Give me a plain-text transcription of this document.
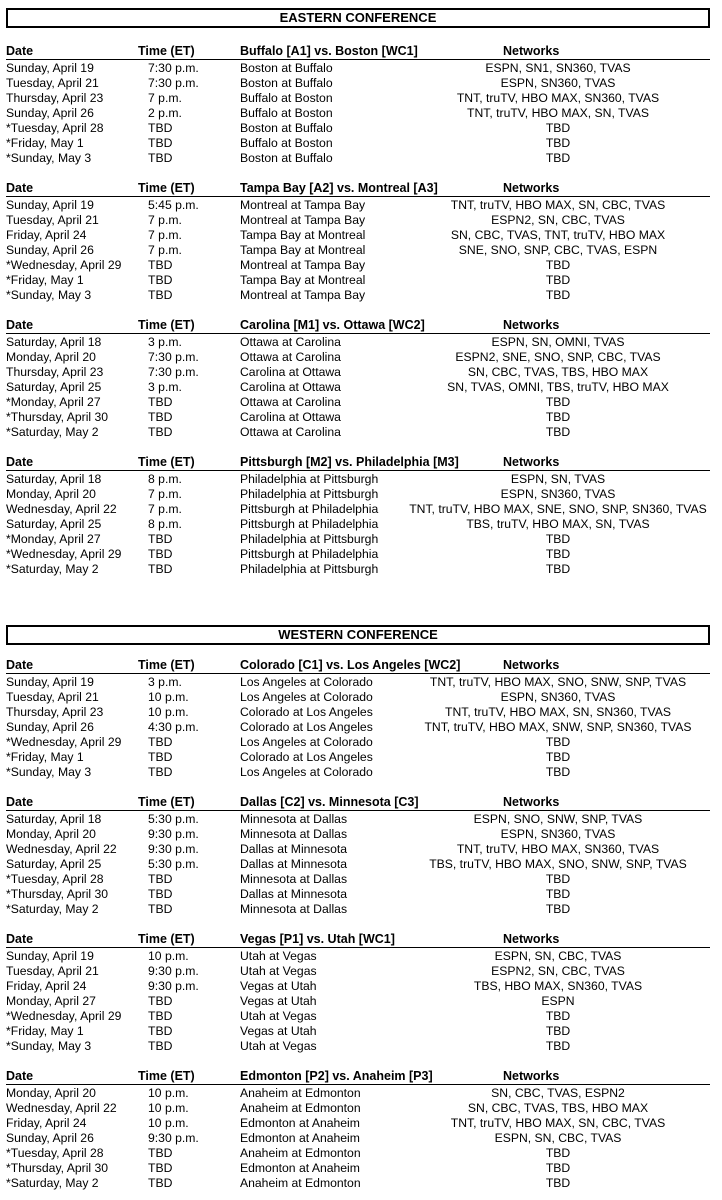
EASTERN CONFERENCE
Date	Time (ET)	Buffalo [A1] vs. Boston [WC1]	Networks
Sunday, April 19	7:30 p.m.	Boston at Buffalo	ESPN, SN1, SN360, TVAS
Tuesday, April 21	7:30 p.m.	Boston at Buffalo	ESPN, SN360, TVAS
Thursday, April 23	7 p.m.	Buffalo at Boston	TNT, truTV, HBO MAX, SN360, TVAS
Sunday, April 26	2 p.m.	Buffalo at Boston	TNT, truTV, HBO MAX, SN, TVAS
*Tuesday, April 28	TBD	Boston at Buffalo	TBD
*Friday, May 1	TBD	Buffalo at Boston	TBD
*Sunday, May 3	TBD	Boston at Buffalo	TBD
Date	Time (ET)	Tampa Bay [A2] vs. Montreal [A3]	Networks
Sunday, April 19	5:45 p.m.	Montreal at Tampa Bay	TNT, truTV, HBO MAX, SN, CBC, TVAS
Tuesday, April 21	7 p.m.	Montreal at Tampa Bay	ESPN2, SN, CBC, TVAS
Friday, April 24	7 p.m.	Tampa Bay at Montreal	SN, CBC, TVAS, TNT, truTV, HBO MAX
Sunday, April 26	7 p.m.	Tampa Bay at Montreal	SNE, SNO, SNP, CBC, TVAS, ESPN
*Wednesday, April 29 TBD	Montreal at Tampa Bay	TBD
*Friday, May 1	TBD	Tampa Bay at Montreal	TBD
*Sunday, May 3	TBD	Montreal at Tampa Bay	TBD
Date	Time (ET)	Carolina [M1] vs. Ottawa [WC2]	Networks
Saturday, April 18	3 p.m.	Ottawa at Carolina	ESPN, SN, OMNI, TVAS
Monday, April 20	7:30 p.m.	Ottawa at Carolina	ESPN2, SNE, SNO, SNP, CBC, TVAS
Thursday, April 23	7:30 p.m.	Carolina at Ottawa	SN, CBC, TVAS, TBS, HBO MAX
Saturday, April 25	3 p.m.	Carolina at Ottawa	SN, TVAS, OMNI, TBS, truTV, HBO MAX
*Monday, April 27	TBD	Ottawa at Carolina	TBD
*Thursday, April 30	TBD	Carolina at Ottawa	TBD
*Saturday, May 2	TBD	Ottawa at Carolina	TBD
Date	Time (ET)	Pittsburgh [M2] vs. Philadelphia [M3]	Networks
Saturday, April 18	8 p.m.	Philadelphia at Pittsburgh	ESPN, SN, TVAS
Monday, April 20	7 p.m.	Philadelphia at Pittsburgh	ESPN, SN360, TVAS
Wednesday, April 22	7 p.m.	Pittsburgh at Philadelphia	TNT, truTV, HBO MAX, SNE, SNO, SNP, SN360, TVAS
Saturday, April 25	8 p.m.	Pittsburgh at Philadelphia	TBS, truTV, HBO MAX, SN, TVAS
*Monday, April 27	TBD	Philadelphia at Pittsburgh	TBD
*Wednesday, April 29 TBD	Pittsburgh at Philadelphia	TBD
*Saturday, May 2	TBD	Philadelphia at Pittsburgh	TBD
WESTERN CONFERENCE
Date	Time (ET)	Colorado [C1] vs. Los Angeles [WC2]	Networks
Sunday, April 19	3 p.m.	Los Angeles at Colorado	TNT, truTV, HBO MAX, SNO, SNW, SNP, TVAS
Tuesday, April 21	10 p.m.	Los Angeles at Colorado	ESPN, SN360, TVAS
Thursday, April 23	10 p.m.	Colorado at Los Angeles	TNT, truTV, HBO MAX, SN, SN360, TVAS
Sunday, April 26	4:30 p.m.	Colorado at Los Angeles	TNT, truTV, HBO MAX, SNW, SNP, SN360, TVAS
*Wednesday, April 29 TBD	Los Angeles at Colorado	TBD
*Friday, May 1	TBD	Colorado at Los Angeles	TBD
*Sunday, May 3	TBD	Los Angeles at Colorado	TBD
Date	Time (ET)	Dallas [C2] vs. Minnesota [C3]	Networks
Saturday, April 18	5:30 p.m.	Minnesota at Dallas	ESPN, SNO, SNW, SNP, TVAS
Monday, April 20	9:30 p.m.	Minnesota at Dallas	ESPN, SN360, TVAS
Wednesday, April 22	9:30 p.m.	Dallas at Minnesota	TNT, truTV, HBO MAX, SN360, TVAS
Saturday, April 25	5:30 p.m.	Dallas at Minnesota	TBS, truTV, HBO MAX, SNO, SNW, SNP, TVAS
*Tuesday, April 28	TBD	Minnesota at Dallas	TBD
*Thursday, April 30	TBD	Dallas at Minnesota	TBD
*Saturday, May 2	TBD	Minnesota at Dallas	TBD
Date	Time (ET)	Vegas [P1] vs. Utah [WC1]	Networks
Sunday, April 19	10 p.m.	Utah at Vegas	ESPN, SN, CBC, TVAS
Tuesday, April 21	9:30 p.m.	Utah at Vegas	ESPN2, SN, CBC, TVAS
Friday, April 24	9:30 p.m.	Vegas at Utah	TBS, HBO MAX, SN360, TVAS
Monday, April 27	TBD	Vegas at Utah	ESPN
*Wednesday, April 29 TBD	Utah at Vegas	TBD
*Friday, May 1	TBD	Vegas at Utah	TBD
*Sunday, May 3	TBD	Utah at Vegas	TBD
Date	Time (ET)	Edmonton [P2] vs. Anaheim [P3]	Networks
Monday, April 20	10 p.m.	Anaheim at Edmonton	SN, CBC, TVAS, ESPN2
Wednesday, April 22	10 p.m.	Anaheim at Edmonton	SN, CBC, TVAS, TBS, HBO MAX
Friday, April 24	10 p.m.	Edmonton at Anaheim	TNT, truTV, HBO MAX, SN, CBC, TVAS
Sunday, April 26	9:30 p.m.	Edmonton at Anaheim	ESPN, SN, CBC, TVAS
*Tuesday, April 28	TBD	Anaheim at Edmonton	TBD
*Thursday, April 30	TBD	Edmonton at Anaheim	TBD
*Saturday, May 2	TBD	Anaheim at Edmonton	TBD
